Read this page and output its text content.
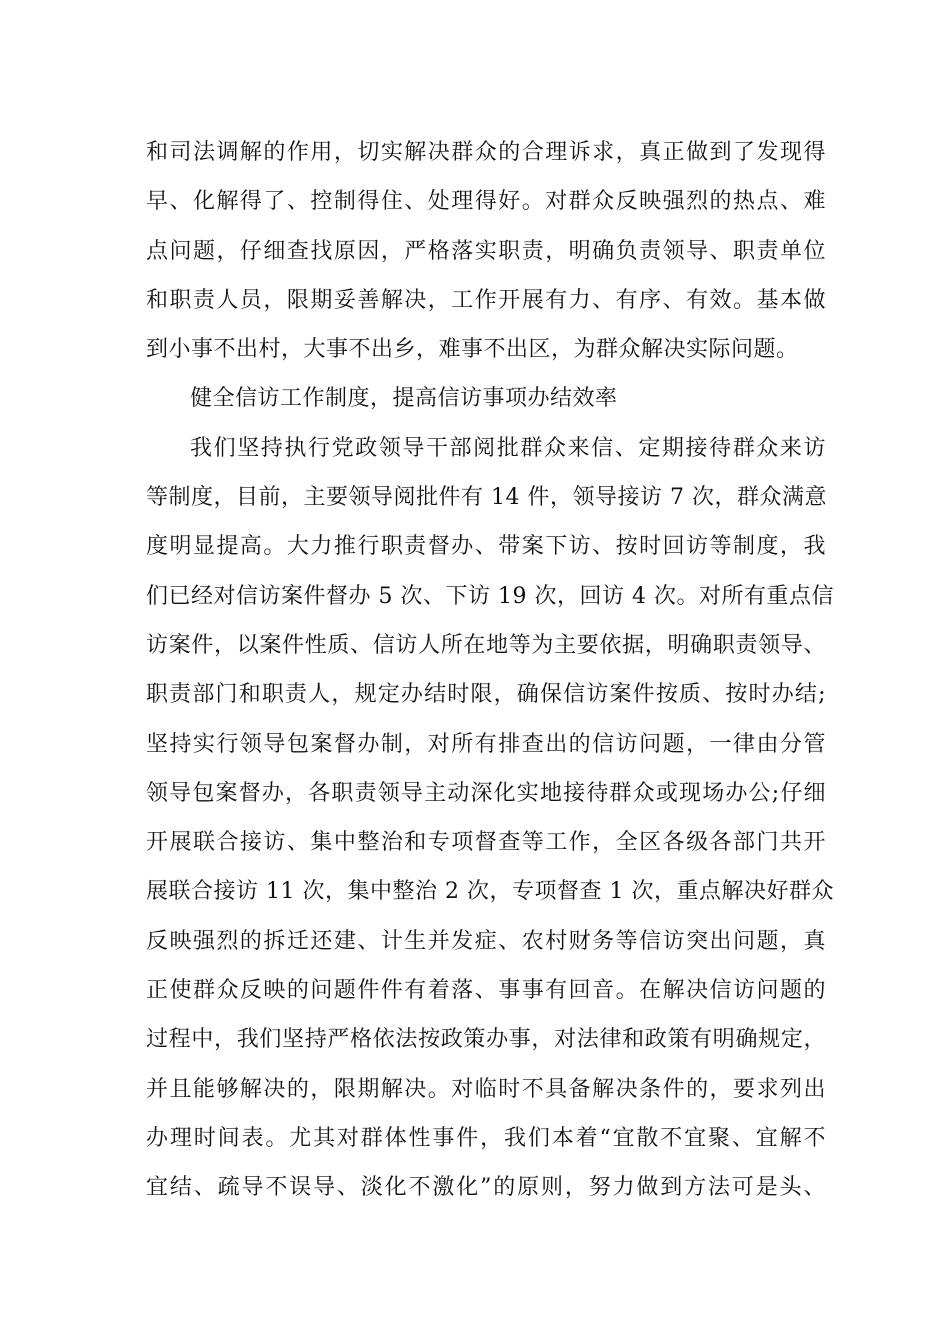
和司法调解的作用，切实解决群众的合理诉求，真正做到了发现得
早、化解得了、控制得住、处理得好。对群众反映强烈的热点、难
点问题，仔细查找原因，严格落实职责，明确负责领导、职责单位
和职责人员，限期妥善解决，工作开展有力、有序、有效。基本做
到小事不出村，大事不出乡，难事不出区，为群众解决实际问题。
健全信访工作制度，提高信访事项办结效率
我们坚持执行党政领导干部阅批群众来信、定期接待群众来访
等制度，目前，主要领导阅批件有 14 件，领导接访 7 次，群众满意
度明显提高。大力推行职责督办、带案下访、按时回访等制度，我
们已经对信访案件督办 5 次、下访 19 次，回访 4 次。对所有重点信
访案件，以案件性质、信访人所在地等为主要依据，明确职责领导、
职责部门和职责人，规定办结时限，确保信访案件按质、按时办结;
坚持实行领导包案督办制，对所有排查出的信访问题，一律由分管
领导包案督办，各职责领导主动深化实地接待群众或现场办公;仔细
开展联合接访、集中整治和专项督查等工作，全区各级各部门共开
展联合接访 11 次，集中整治 2 次，专项督查 1 次，重点解决好群众
反映强烈的拆迁还建、计生并发症、农村财务等信访突出问题，真
正使群众反映的问题件件有着落、事事有回音。在解决信访问题的
过程中，我们坚持严格依法按政策办事，对法律和政策有明确规定，
并且能够解决的，限期解决。对临时不具备解决条件的，要求列出
办理时间表。尤其对群体性事件，我们本着“宜散不宜聚、宜解不
宜结、疏导不误导、淡化不激化”的原则，努力做到方法可是头、
